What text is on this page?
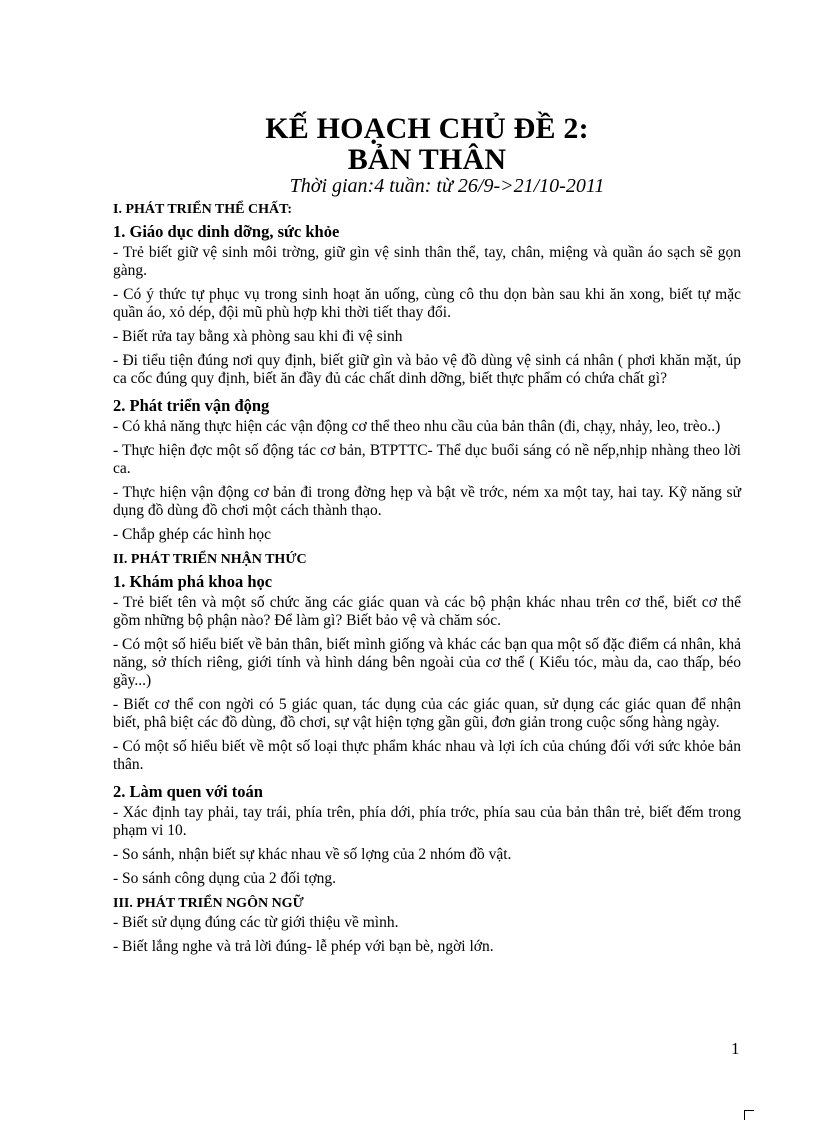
KẾ HOẠCH CHỦ ĐỀ 2:
BẢN THÂN

Thời gian:4 tuần: từ 26/9->21/10-2011

I. PHÁT TRIỂN THỂ CHẤT:
1. Giáo dục dinh dỡng, sức khỏe

- Trẻ biết giữ vệ sinh môi trờng, giữ gìn vệ sinh thân thể, tay, chân, miệng và quần áo sạch sẽ gọn gàng.

- Có ý thức tự phục vụ trong sinh hoạt ăn uống, cùng cô thu dọn bàn sau khi ăn xong, biết tự mặc quần áo, xỏ dép, đội mũ phù hợp khi thời tiết thay đổi.

- Biết rửa tay bằng xà phòng sau khi đi vệ sinh

- Đi tiểu tiện đúng nơi quy định, biết giữ gìn và bảo vệ đồ dùng vệ sinh cá nhân ( phơi khăn mặt, úp ca cốc đúng quy định, biết ăn đầy đủ các chất dinh dỡng, biết thực phẩm có chứa chất gì?

2. Phát triển vận động

- Có khả năng thực hiện các vận động cơ thể theo nhu cầu của bản thân (đi, chạy, nhảy, leo, trèo..)

- Thực hiện đợc một số động tác cơ bản, BTPTTC- Thể dục buổi sáng có nề nếp,nhịp nhàng theo lời ca.

- Thực hiện vận động cơ bản đi trong đờng hẹp và bật về trớc, ném xa một tay, hai tay. Kỹ năng sử dụng đồ dùng đồ chơi một cách thành thạo.

- Chắp ghép các hình học

II. PHÁT TRIỂN NHẬN THỨC
1. Khám phá khoa học

- Trẻ biết tên và một số chức ăng các giác quan và các bộ phận khác nhau trên cơ thể, biết cơ thể gồm những bộ phận nào? Để làm gì? Biết bảo vệ và chăm sóc.

- Có một số hiểu biết về bản thân, biết mình giống và khác các bạn qua một số đặc điểm cá nhân, khả năng, sở thích riêng, giới tính và hình dáng bên ngoài của cơ thể ( Kiểu tóc, màu da, cao thấp, béo gầy...)

- Biết cơ thể con ngời có 5 giác quan, tác dụng của các giác quan, sử dụng các giác quan để nhận biết, phâ biệt các đồ dùng, đồ chơi, sự vật hiện tợng gần gũi, đơn giản trong cuộc sống hàng ngày.

- Có một số hiểu biết về một số loại thực phẩm khác nhau và lợi ích của chúng đối với sức khỏe bản thân.

2. Làm quen với toán

- Xác định tay phải, tay trái, phía trên, phía dới, phía trớc, phía sau của bản thân trẻ, biết đếm trong phạm vi 10.

- So sánh, nhận biết sự khác nhau về số lợng của 2 nhóm đồ vật.

- So sánh công dụng của 2 đối tợng.

III. PHÁT TRIỂN NGÔN NGỮ

- Biết sử dụng đúng các từ giới thiệu về mình.

- Biết lắng nghe và trả lời đúng- lễ phép với bạn bè, ngời lớn.

1
